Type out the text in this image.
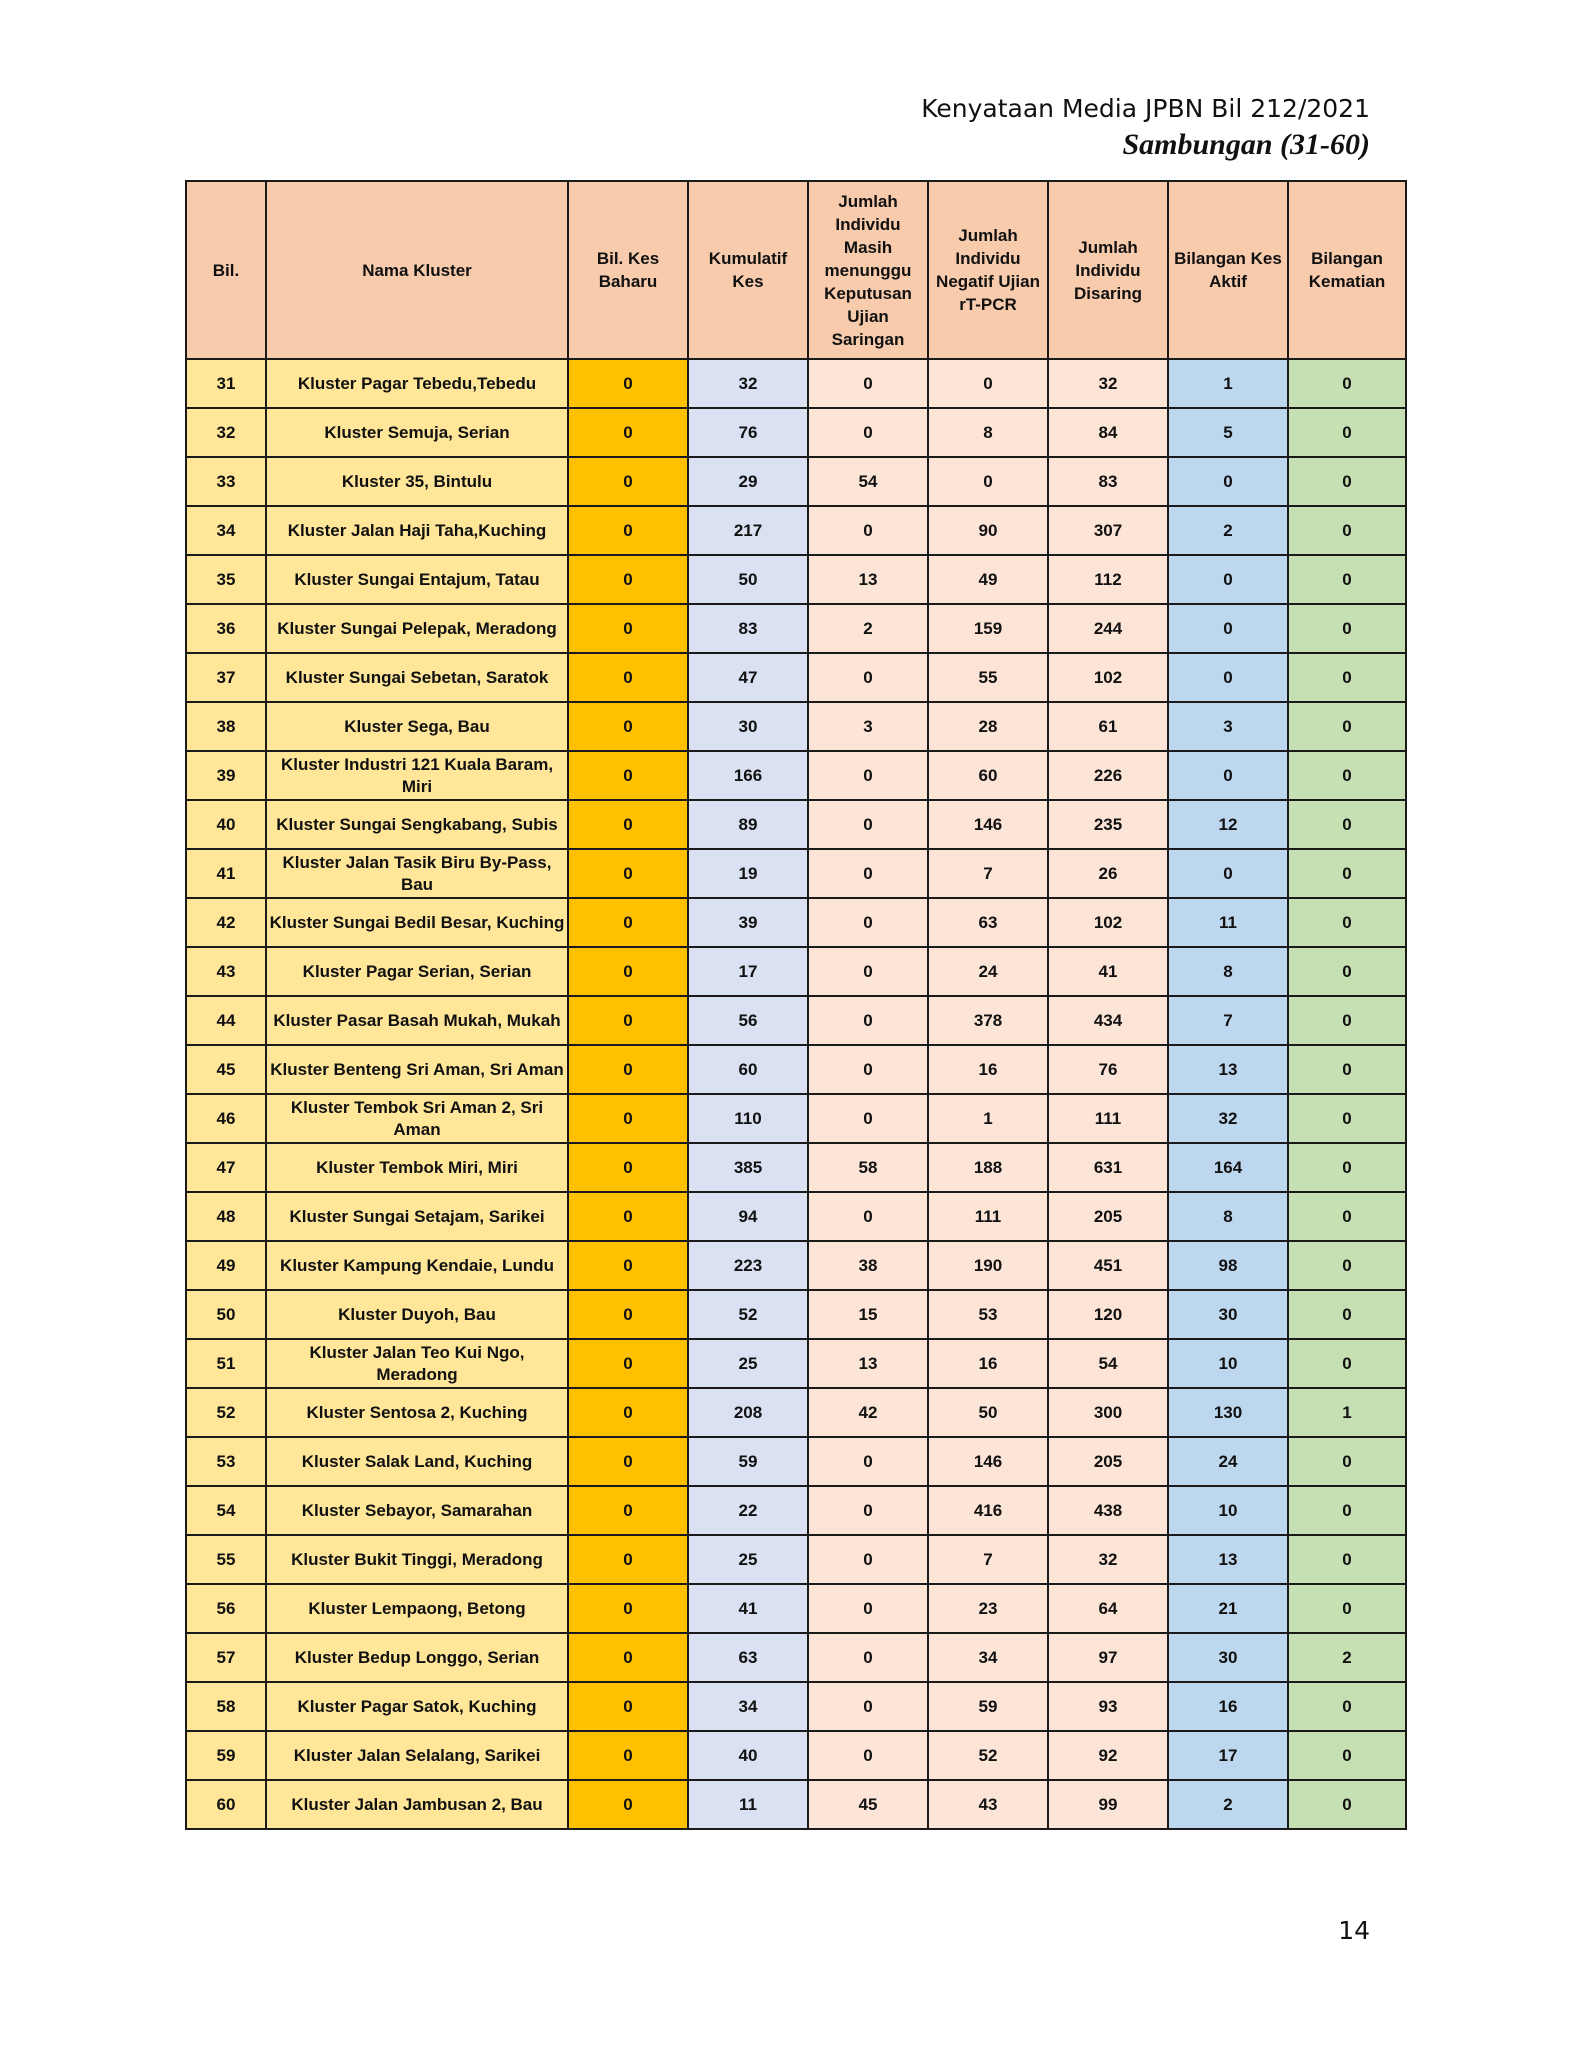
Kenyataan Media JPBN Bil 212/2021
Sambungan (31-60)
Bil.	Nama Kluster	Bil. Kes Baharu	Kumulatif Kes	Jumlah Individu Masih menunggu Keputusan Ujian Saringan	Jumlah Individu Negatif Ujian rT-PCR	Jumlah Individu Disaring	Bilangan Kes Aktif	Bilangan Kematian
31	Kluster Pagar Tebedu,Tebedu	0	32	0	0	32	1	0
32	Kluster Semuja, Serian	0	76	0	8	84	5	0
33	Kluster 35, Bintulu	0	29	54	0	83	0	0
34	Kluster Jalan Haji Taha,Kuching	0	217	0	90	307	2	0
35	Kluster Sungai Entajum, Tatau	0	50	13	49	112	0	0
36	Kluster Sungai Pelepak, Meradong	0	83	2	159	244	0	0
37	Kluster Sungai Sebetan, Saratok	0	47	0	55	102	0	0
38	Kluster Sega, Bau	0	30	3	28	61	3	0
39	Kluster Industri 121 Kuala Baram, Miri	0	166	0	60	226	0	0
40	Kluster Sungai Sengkabang, Subis	0	89	0	146	235	12	0
41	Kluster Jalan Tasik Biru By-Pass, Bau	0	19	0	7	26	0	0
42	Kluster Sungai Bedil Besar, Kuching	0	39	0	63	102	11	0
43	Kluster Pagar Serian, Serian	0	17	0	24	41	8	0
44	Kluster Pasar Basah Mukah, Mukah	0	56	0	378	434	7	0
45	Kluster Benteng Sri Aman, Sri Aman	0	60	0	16	76	13	0
46	Kluster Tembok Sri Aman 2, Sri Aman	0	110	0	1	111	32	0
47	Kluster Tembok Miri, Miri	0	385	58	188	631	164	0
48	Kluster Sungai Setajam, Sarikei	0	94	0	111	205	8	0
49	Kluster Kampung Kendaie, Lundu	0	223	38	190	451	98	0
50	Kluster Duyoh, Bau	0	52	15	53	120	30	0
51	Kluster Jalan Teo Kui Ngo, Meradong	0	25	13	16	54	10	0
52	Kluster Sentosa 2, Kuching	0	208	42	50	300	130	1
53	Kluster Salak Land, Kuching	0	59	0	146	205	24	0
54	Kluster Sebayor, Samarahan	0	22	0	416	438	10	0
55	Kluster Bukit Tinggi, Meradong	0	25	0	7	32	13	0
56	Kluster Lempaong, Betong	0	41	0	23	64	21	0
57	Kluster Bedup Longgo, Serian	0	63	0	34	97	30	2
58	Kluster Pagar Satok, Kuching	0	34	0	59	93	16	0
59	Kluster Jalan Selalang, Sarikei	0	40	0	52	92	17	0
60	Kluster Jalan Jambusan 2, Bau	0	11	45	43	99	2	0
14
